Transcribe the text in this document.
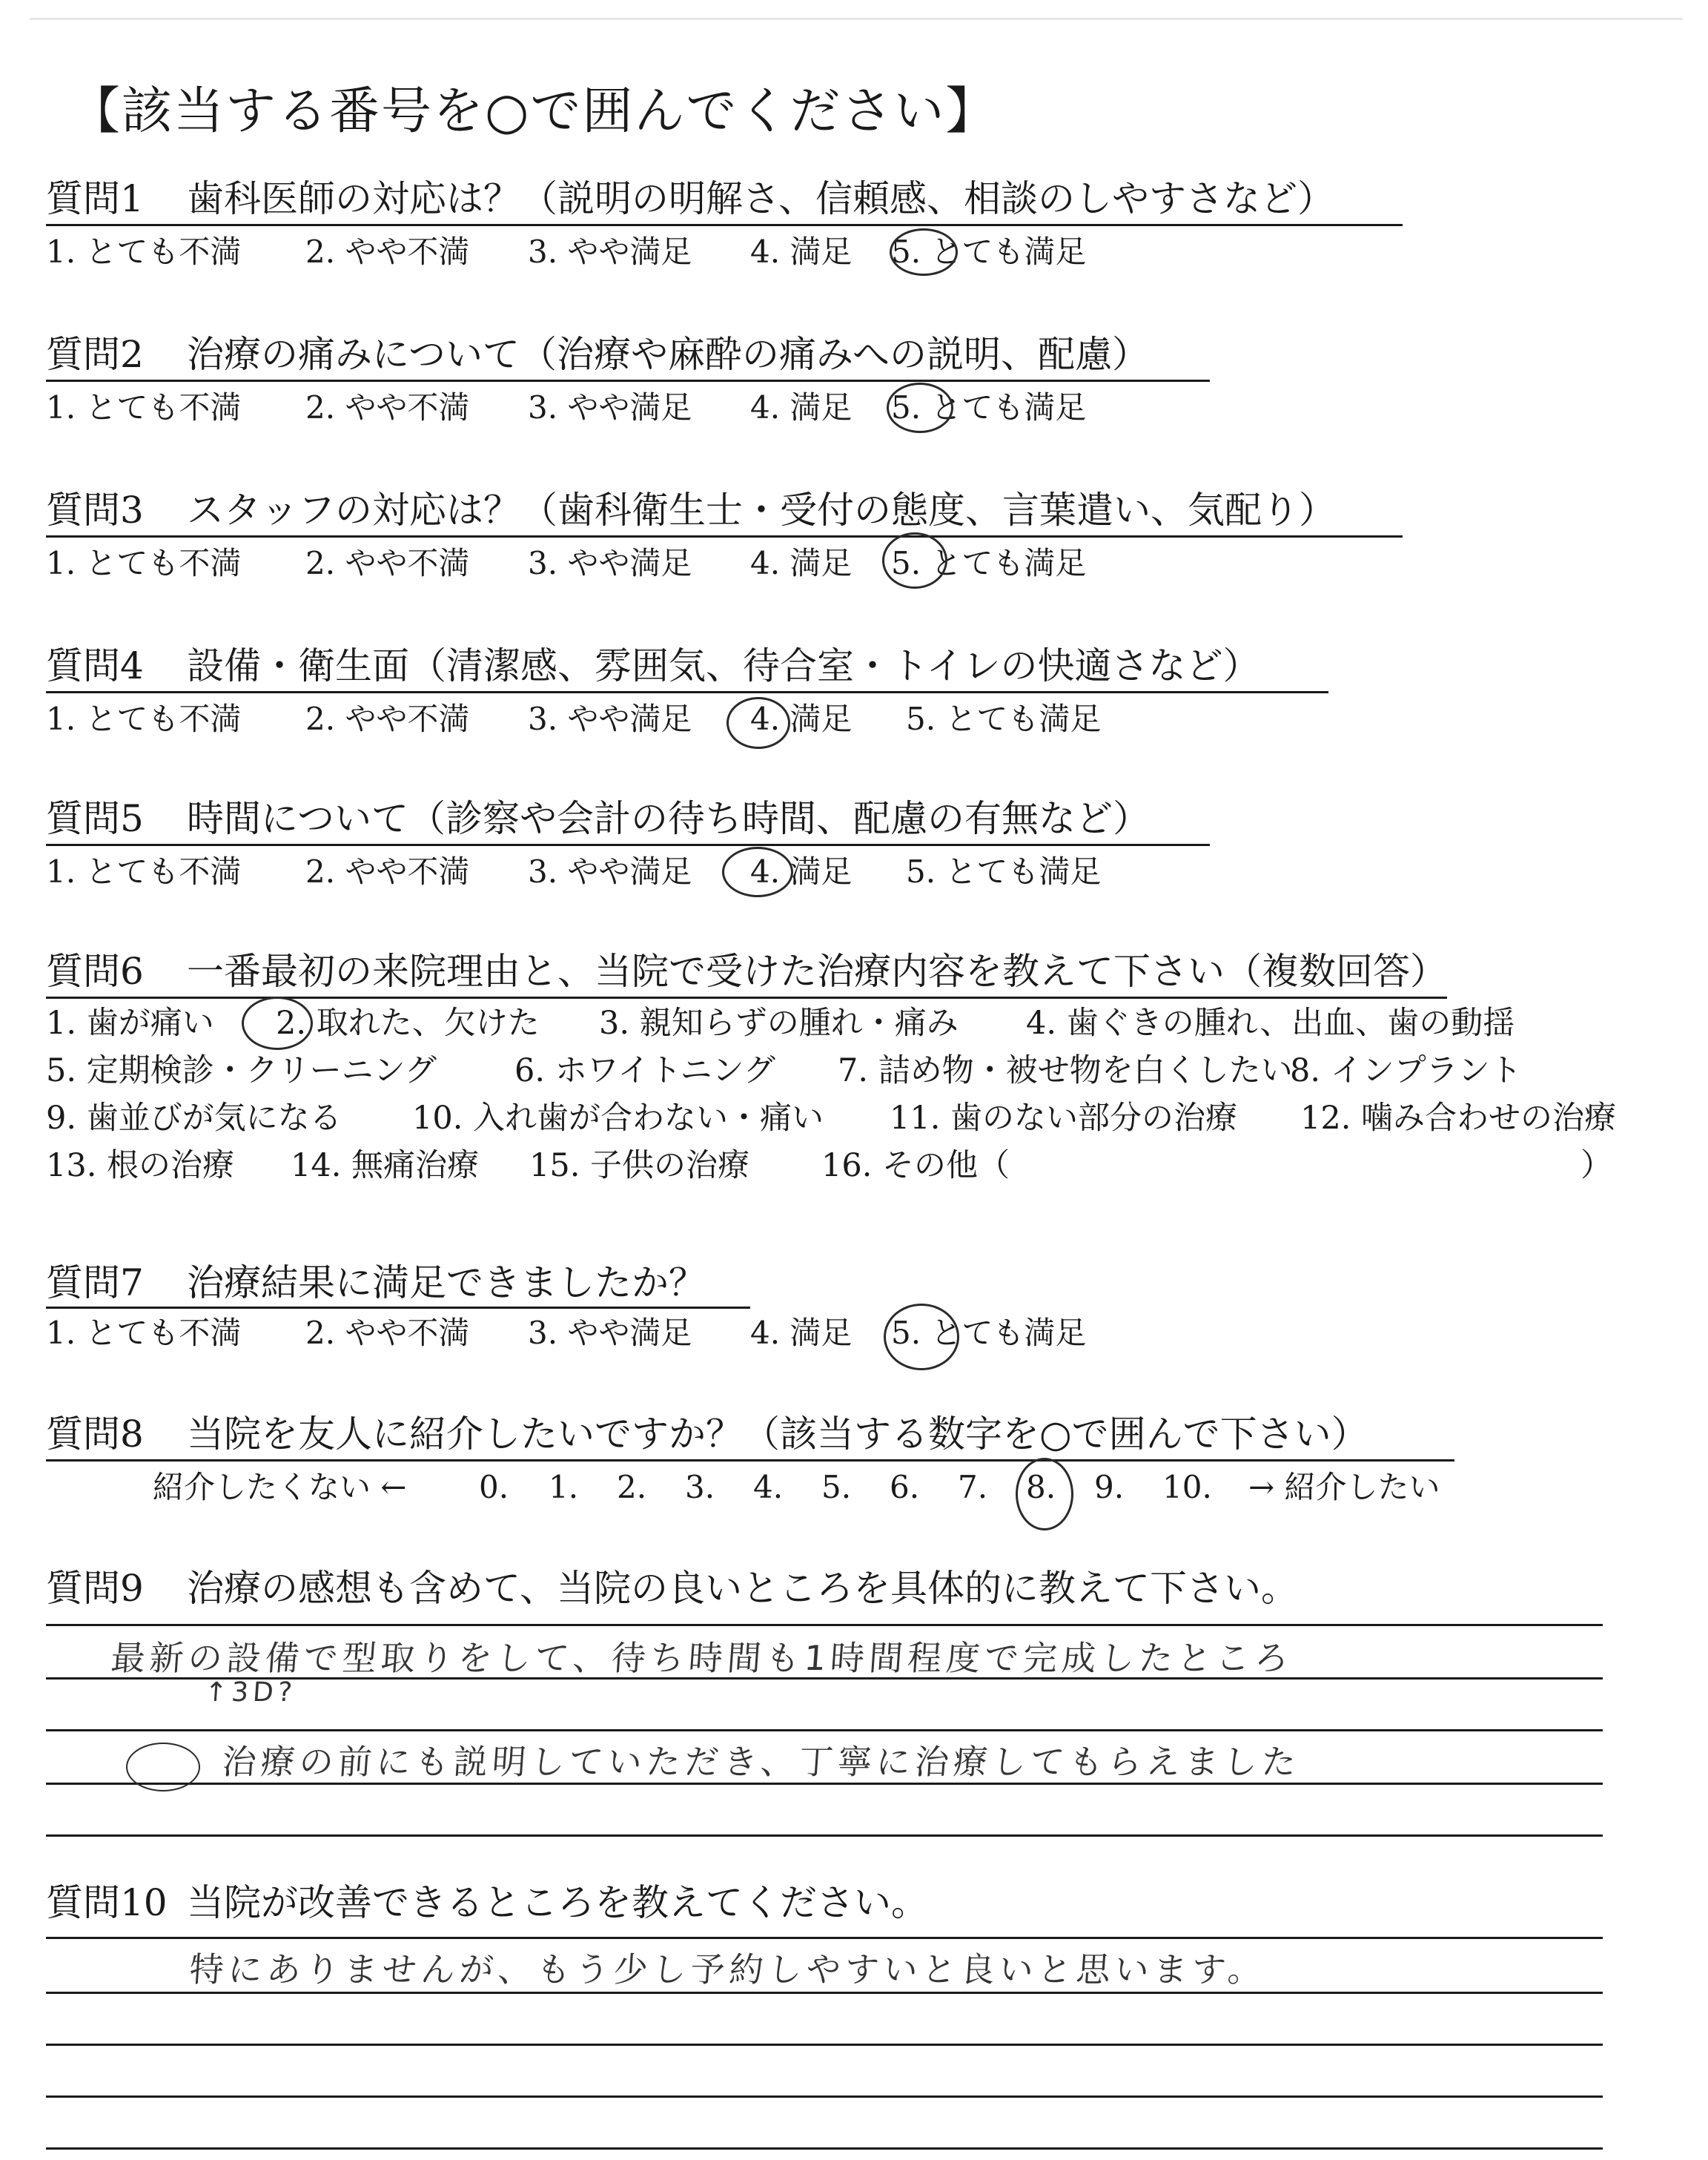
【該当する番号を○で囲んでください】
質問1 歯科医師の対応は？（説明の明解さ、信頼感、相談のしやすさなど）
1. とても不満 2. やや不満 3. やや満足 4. 満足 5. とても満足
質問2 治療の痛みについて（治療や麻酔の痛みへの説明、配慮）
1. とても不満 2. やや不満 3. やや満足 4. 満足 5. とても満足
質問3 スタッフの対応は？（歯科衛生士・受付の態度、言葉遣い、気配り）
1. とても不満 2. やや不満 3. やや満足 4. 満足 5. とても満足
質問4 設備・衛生面（清潔感、雰囲気、待合室・トイレの快適さなど）
1. とても不満 2. やや不満 3. やや満足 4. 満足 5. とても満足
質問5 時間について（診察や会計の待ち時間、配慮の有無など）
1. とても不満 2. やや不満 3. やや満足 4. 満足 5. とても満足
質問6 一番最初の来院理由と、当院で受けた治療内容を教えて下さい（複数回答）
1. 歯が痛い 2. 取れた、欠けた 3. 親知らずの腫れ・痛み 4. 歯ぐきの腫れ、出血、歯の動揺
5. 定期検診・クリーニング 6. ホワイトニング 7. 詰め物・被せ物を白くしたい
8. インプラント
9. 歯並びが気になる 10. 入れ歯が合わない・痛い 11. 歯のない部分の治療 12. 噛み合わせの治療
13. 根の治療 14. 無痛治療 15. 子供の治療 16. その他（	）
質問7 治療結果に満足できましたか？
1. とても不満 2. やや不満 3. やや満足 4. 満足 5. とても満足
質問8 当院を友人に紹介したいですか？（該当する数字を○で囲んで下さい）
紹介したくない ← 0. 1. 2. 3. 4. 5. 6. 7. 8. 9. 10. → 紹介したい
質問9 治療の感想も含めて、当院の良いところを具体的に教えて下さい。
最新の設備で型取りをして、待ち時間も1時間程度で完成したところ
↑3D?
治療の前にも説明していただき、丁寧に治療してもらえました
質問10 当院が改善できるところを教えてください。
特にありませんが、もう少し予約しやすいと良いと思います。
